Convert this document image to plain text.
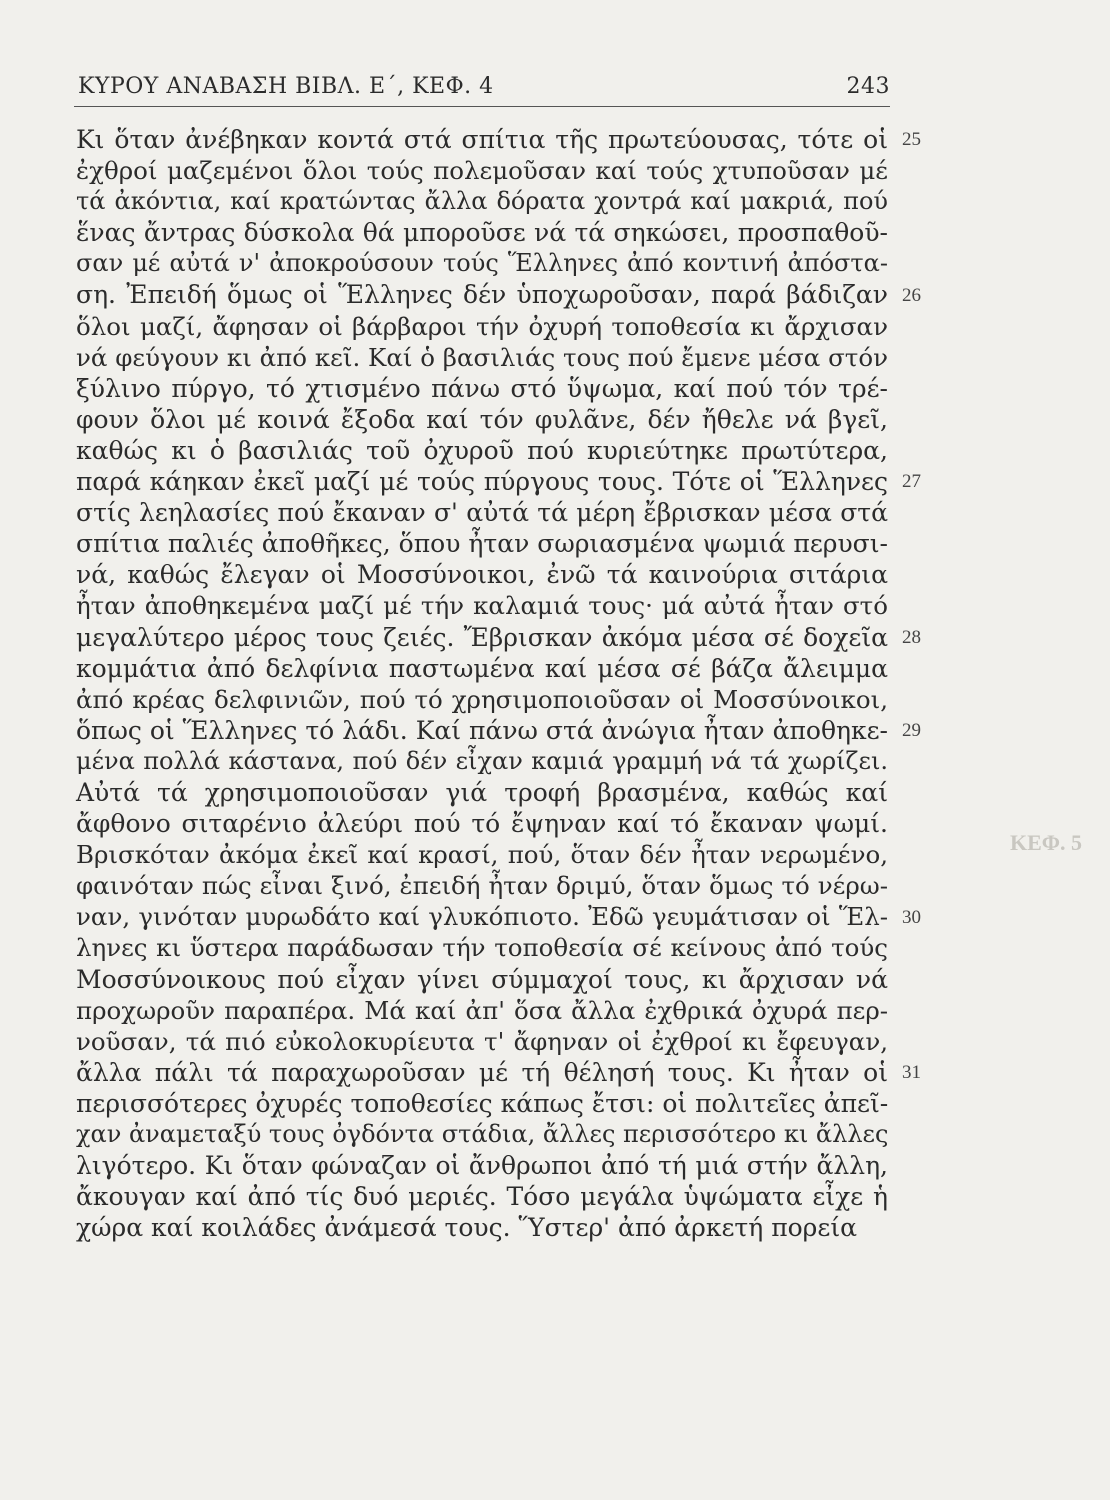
ΚΥΡΟΥ ΑΝΑΒΑΣΗ ΒΙΒΛ. Ε΄, ΚΕΦ. 4	243
Κι ὅταν ἀνέβηκαν κοντά στά σπίτια τῆς πρωτεύουσας, τότε οἱ
ἐχθροί μαζεμένοι ὅλοι τούς πολεμοῦσαν καί τούς χτυποῦσαν μέ
τά ἀκόντια, καί κρατώντας ἄλλα δόρατα χοντρά καί μακριά, πού
ἕνας ἄντρας δύσκολα θά μποροῦσε νά τά σηκώσει, προσπαθοῦ-
σαν μέ αὐτά ν' ἀποκρούσουν τούς Ἕλληνες ἀπό κοντινή ἀπόστα-
ση. Ἐπειδή ὅμως οἱ Ἕλληνες δέν ὑποχωροῦσαν, παρά βάδιζαν
ὅλοι μαζί, ἄφησαν οἱ βάρβαροι τήν ὀχυρή τοποθεσία κι ἄρχισαν
νά φεύγουν κι ἀπό κεῖ. Καί ὁ βασιλιάς τους πού ἔμενε μέσα στόν
ξύλινο πύργο, τό χτισμένο πάνω στό ὕψωμα, καί πού τόν τρέ-
φουν ὅλοι μέ κοινά ἔξοδα καί τόν φυλᾶνε, δέν ἤθελε νά βγεῖ,
καθώς κι ὁ βασιλιάς τοῦ ὀχυροῦ πού κυριεύτηκε πρωτύτερα,
παρά κάηκαν ἐκεῖ μαζί μέ τούς πύργους τους. Τότε οἱ Ἕλληνες
στίς λεηλασίες πού ἔκαναν σ' αὐτά τά μέρη ἔβρισκαν μέσα στά
σπίτια παλιές ἀποθῆκες, ὅπου ἦταν σωριασμένα ψωμιά περυσι-
νά, καθώς ἔλεγαν οἱ Μοσσύνοικοι, ἐνῶ τά καινούρια σιτάρια
ἦταν ἀποθηκεμένα μαζί μέ τήν καλαμιά τους· μά αὐτά ἦταν στό
μεγαλύτερο μέρος τους ζειές. Ἔβρισκαν ἀκόμα μέσα σέ δοχεῖα
κομμάτια ἀπό δελφίνια παστωμένα καί μέσα σέ βάζα ἄλειμμα
ἀπό κρέας δελφινιῶν, πού τό χρησιμοποιοῦσαν οἱ Μοσσύνοικοι,
ὅπως οἱ Ἕλληνες τό λάδι. Καί πάνω στά ἀνώγια ἦταν ἀποθηκε-
μένα πολλά κάστανα, πού δέν εἶχαν καμιά γραμμή νά τά χωρίζει.
Αὐτά τά χρησιμοποιοῦσαν γιά τροφή βρασμένα, καθώς καί
ἄφθονο σιταρένιο ἀλεύρι πού τό ἔψηναν καί τό ἔκαναν ψωμί.
Βρισκόταν ἀκόμα ἐκεῖ καί κρασί, πού, ὅταν δέν ἦταν νερωμένο,
φαινόταν πώς εἶναι ξινό, ἐπειδή ἦταν δριμύ, ὅταν ὅμως τό νέρω-
ναν, γινόταν μυρωδάτο καί γλυκόπιοτο. Ἐδῶ γευμάτισαν οἱ Ἕλ-
ληνες κι ὕστερα παράδωσαν τήν τοποθεσία σέ κείνους ἀπό τούς
Μοσσύνοικους πού εἶχαν γίνει σύμμαχοί τους, κι ἄρχισαν νά
προχωροῦν παραπέρα. Μά καί ἀπ' ὅσα ἄλλα ἐχθρικά ὀχυρά περ-
νοῦσαν, τά πιό εὐκολοκυρίευτα τ' ἄφηναν οἱ ἐχθροί κι ἔφευγαν,
ἄλλα πάλι τά παραχωροῦσαν μέ τή θέλησή τους. Κι ἦταν οἱ
περισσότερες ὀχυρές τοποθεσίες κάπως ἔτσι: οἱ πολιτεῖες ἀπεῖ-
χαν ἀναμεταξύ τους ὀγδόντα στάδια, ἄλλες περισσότερο κι ἄλλες
λιγότερο. Κι ὅταν φώναζαν οἱ ἄνθρωποι ἀπό τή μιά στήν ἄλλη,
ἄκουγαν καί ἀπό τίς δυό μεριές. Τόσο μεγάλα ὑψώματα εἶχε ἡ
χώρα καί κοιλάδες ἀνάμεσά τους. Ὕστερ' ἀπό ἀρκετή πορεία
25
26
27
28
29
30
31
ΚΕΦ. 5
